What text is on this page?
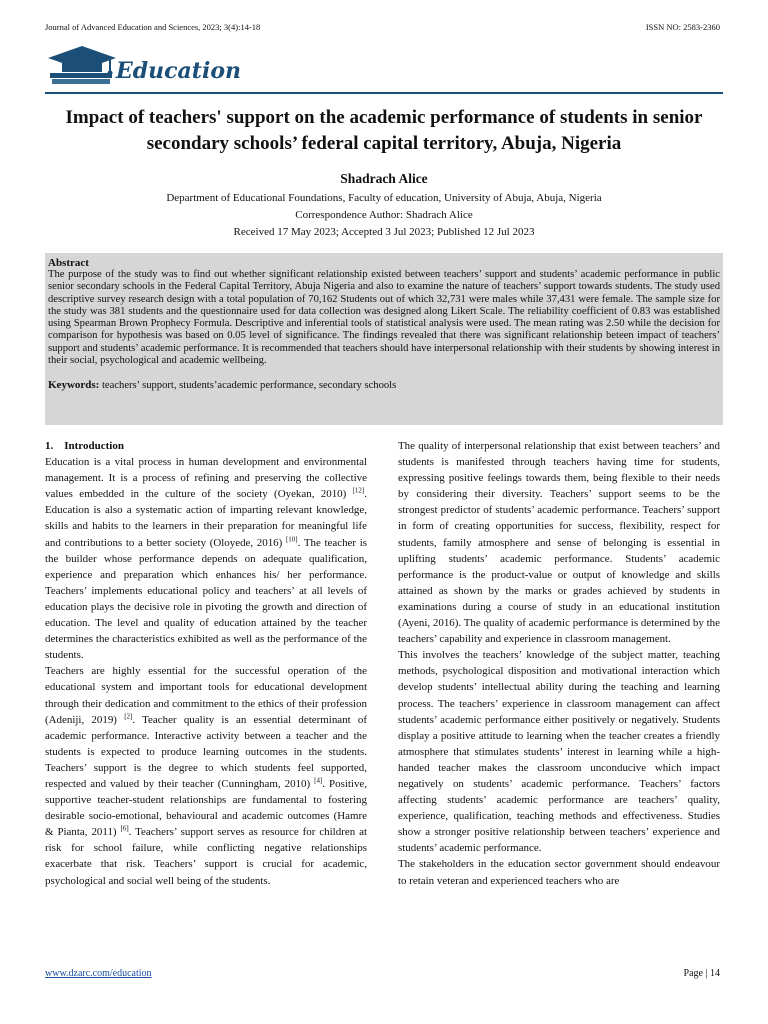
Journal of Advanced Education and Sciences, 2023; 3(4):14-18	ISSN NO: 2583-2360
Education
Impact of teachers' support on the academic performance of students in senior secondary schools’ federal capital territory, Abuja, Nigeria
Shadrach Alice
Department of Educational Foundations, Faculty of education, University of Abuja, Abuja, Nigeria
Correspondence Author: Shadrach Alice
Received 17 May 2023; Accepted 3 Jul 2023; Published 12 Jul 2023
Abstract
The purpose of the study was to find out whether significant relationship existed between teachers’ support and students’ academic performance in public senior secondary schools in the Federal Capital Territory, Abuja Nigeria and also to examine the nature of teachers’ support towards students. The study used descriptive survey research design with a total population of 70,162 Students out of which 32,731 were males while 37,431 were female. The sample size for the study was 381 students and the questionnaire used for data collection was designed along Likert Scale. The reliability coefficient of 0.83 was established using Spearman Brown Prophecy Formula. Descriptive and inferential tools of statistical analysis were used. The mean rating was 2.50 while the decision for comparison for hypothesis was based on 0.05 level of significance. The findings revealed that there was significant relationship beteen impact of teachers’ support and students’ academic performance. It is recommended that teachers should have interpersonal relationship with their students by showing interest in their social, psychological and academic wellbeing.
Keywords: teachers’ support, students’academic performance, secondary schools
1.    Introduction

Education is a vital process in human development and environmental management. It is a process of refining and preserving the collective values embedded in the culture of the society (Oyekan, 2010) [12]. Education is also a systematic action of imparting relevant knowledge, skills and habits to the learners in their preparation for meaningful life and contributions to a better society (Oloyede, 2016) [10]. The teacher is the builder whose performance depends on adequate qualification, experience and preparation which enhances his/ her performance. Teachers’ implements educational policy and teachers’ at all levels of education plays the decisive role in pivoting the growth and direction of education. The level and quality of education attained by the teacher determines the characteristics exhibited as well as the performance of the students.

Teachers are highly essential for the successful operation of the educational system and important tools for educational development through their dedication and commitment to the ethics of their profession (Adeniji, 2019) [2]. Teacher quality is an essential determinant of academic performance. Interactive activity between a teacher and the students is expected to produce learning outcomes in the students. Teachers’ support is the degree to which students feel supported, respected and valued by their teacher (Cunningham, 2010) [4]. Positive, supportive teacher-student relationships are fundamental to fostering desirable socio-emotional, behavioural and academic outcomes (Hamre & Pianta, 2011) [6]. Teachers’ support serves as resource for children at risk for school failure, while conflicting negative relationships exacerbate that risk. Teachers’ support is crucial for academic, psychological and social well being of the students.

The quality of interpersonal relationship that exist between teachers’ and students is manifested through teachers having time for students, expressing positive feelings towards them, being flexible to their needs by considering their diversity. Teachers’ support seems to be the strongest predictor of students’ academic performance. Teachers’ support in form of creating opportunities for success, flexibility, respect for students, family atmosphere and sense of belonging is essential in uplifting students’ academic performance. Students’ academic performance is the product-value or output of knowledge and skills attained as shown by the marks or grades achieved by students in examinations during a course of study in an educational institution (Ayeni, 2016). The quality of academic performance is determined by the teachers’ capability and experience in classroom management.

This involves the teachers’ knowledge of the subject matter, teaching methods, psychological disposition and motivational interaction which develop students’ intellectual ability during the teaching and learning process. The teachers’ experience in classroom management can affect students’ academic performance either positively or negatively. Students display a positive attitude to learning when the teacher creates a friendly atmosphere that stimulates students’ interest in learning while a high-handed teacher makes the classroom unconducive which impact negatively on students’ academic performance. Teachers’ factors affecting students’ academic performance are teachers’ quality, experience, qualification, teaching methods and effectiveness. Studies show a stronger positive relationship between teachers’ experience and students’ academic performance.

The stakeholders in the education sector government should endeavour to retain veteran and experienced teachers who are

www.dzarc.com/education	Page | 14
